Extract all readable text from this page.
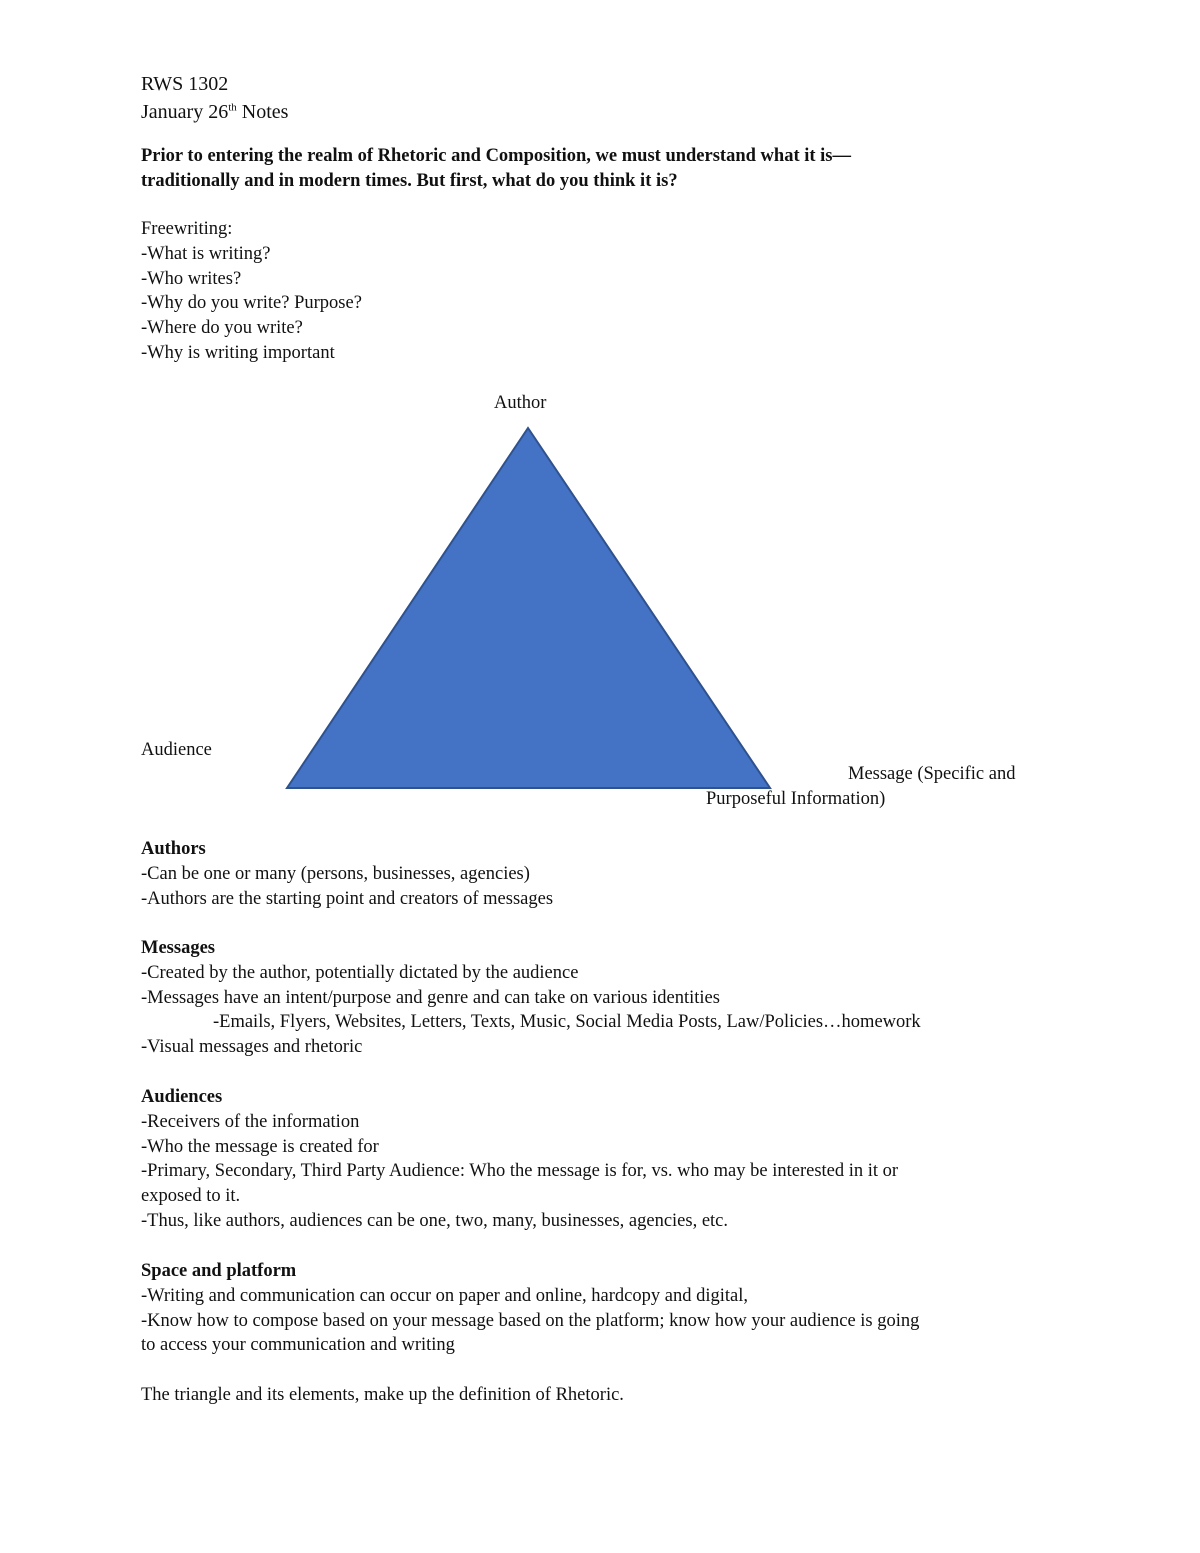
RWS 1302
January 26th Notes
Prior to entering the realm of Rhetoric and Composition, we must understand what it is—
traditionally and in modern times. But first, what do you think it is?
Freewriting:
-What is writing?
-Who writes?
-Why do you write? Purpose?
-Where do you write?
-Why is writing important
Author
Audience
Message (Specific and
Purposeful Information)
Authors
-Can be one or many (persons, businesses, agencies)
-Authors are the starting point and creators of messages
Messages
-Created by the author, potentially dictated by the audience
-Messages have an intent/purpose and genre and can take on various identities
-Emails, Flyers, Websites, Letters, Texts, Music, Social Media Posts, Law/Policies…homework
-Visual messages and rhetoric
Audiences
-Receivers of the information
-Who the message is created for
-Primary, Secondary, Third Party Audience: Who the message is for, vs. who may be interested in it or
exposed to it.
-Thus, like authors, audiences can be one, two, many, businesses, agencies, etc.
Space and platform
-Writing and communication can occur on paper and online, hardcopy and digital,
-Know how to compose based on your message based on the platform; know how your audience is going
to access your communication and writing
The triangle and its elements, make up the definition of Rhetoric.
